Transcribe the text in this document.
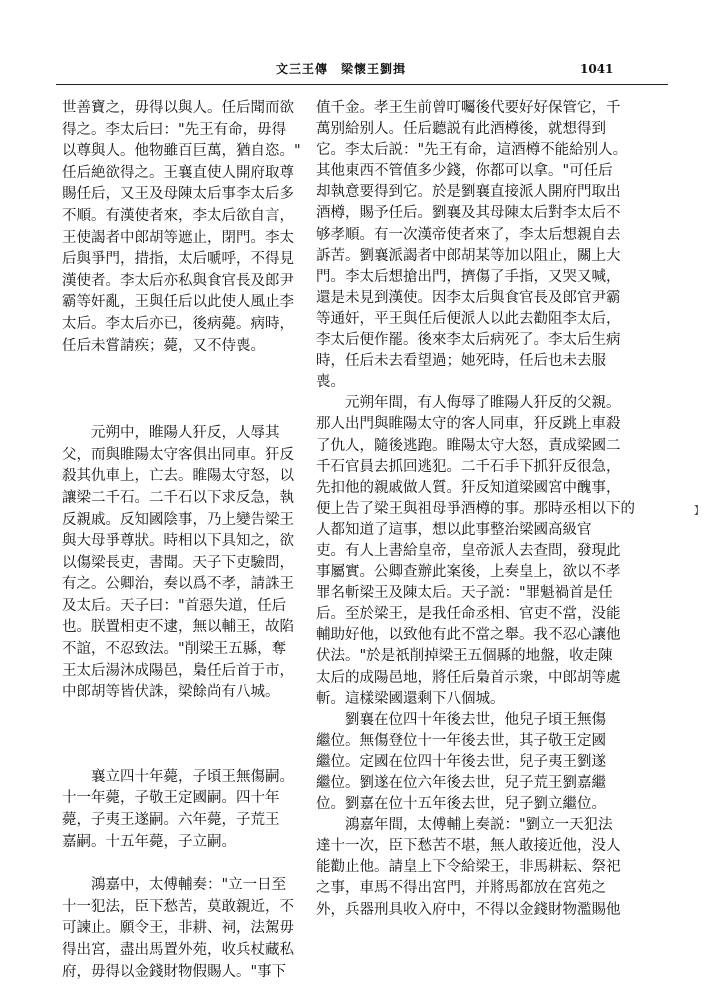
文三王傳　梁懷王劉揖	1041

世善寶之，毋得以與人。任后聞而欲

得之。李太后曰："先王有命，毋得

以尊與人。他物雖百巨萬，猶自恣。"

任后絶欲得之。王襄直使人開府取尊

賜任后，又王及母陳太后事李太后多

不順。有漢使者來，李太后欲自言，

王使謁者中郎胡等遮止，閉門。李太

后與爭門，措指，太后嗁呼，不得見

漢使者。李太后亦私與食官長及郎尹

霸等奸亂，王與任后以此使人風止李

太后。李太后亦已，後病薨。病時，

任后未嘗請疾；薨，又不侍喪。

　　元朔中，睢陽人犴反，人辱其

父，而與睢陽太守客俱出同車。犴反

殺其仇車上，亡去。睢陽太守怒，以

讓梁二千石。二千石以下求反急，執

反親戚。反知國陰事，乃上變告梁王

與大母爭尊狀。時相以下具知之，欲

以傷梁長吏，書聞。天子下吏驗問，

有之。公卿治，奏以爲不孝，請誅王

及太后。天子曰："首惡失道，任后

也。朕置相吏不逮，無以輔王，故陷

不誼，不忍致法。"削梁王五縣，奪

王太后湯沐成陽邑，梟任后首于市，

中郎胡等皆伏誅，梁餘尚有八城。

　　襄立四十年薨，子頃王無傷嗣。

十一年薨，子敬王定國嗣。四十年

薨，子夷王遂嗣。六年薨，子荒王

嘉嗣。十五年薨，子立嗣。

　　鴻嘉中，太傅輔奏："立一日至

十一犯法，臣下愁苦，莫敢親近，不

可諫止。願令王，非耕、祠，法駕毋

得出宮，盡出馬置外苑，收兵杖藏私

府，毋得以金錢財物假賜人。"事下

值千金。孝王生前曾叮囑後代要好好保管它，千

萬别給别人。任后聽説有此酒樽後，就想得到

它。李太后説："先王有命，這酒樽不能給别人。

其他東西不管值多少錢，你都可以拿。"可任后

却執意要得到它。於是劉襄直接派人開府門取出

酒樽，賜予任后。劉襄及其母陳太后對李太后不

够孝順。有一次漢帝使者來了，李太后想親自去

訴苦。劉襄派謁者中郎胡某等加以阻止，關上大

門。李太后想搶出門，擠傷了手指，又哭又喊，

還是未見到漢使。因李太后與食官長及郎官尹霸

等通奸，平王與任后便派人以此去勸阻李太后，

李太后便作罷。後來李太后病死了。李太后生病

時，任后未去看望過；她死時，任后也未去服

喪。

　　元朔年間，有人侮辱了睢陽人犴反的父親。

那人出門與睢陽太守的客人同車，犴反跳上車殺

了仇人，隨後逃跑。睢陽太守大怒，責成梁國二

千石官員去抓回逃犯。二千石手下抓犴反很急，

先扣他的親戚做人質。犴反知道梁國宮中醜事，

便上告了梁王與祖母爭酒樽的事。那時丞相以下的

人都知道了這事，想以此事整治梁國高級官

吏。有人上書給皇帝，皇帝派人去查問，發現此

事屬實。公卿查辦此案後，上奏皇上，欲以不孝

罪名斬梁王及陳太后。天子説："罪魁禍首是任

后。至於梁王，是我任命丞相、官吏不當，没能

輔助好他，以致他有此不當之舉。我不忍心讓他

伏法。"於是祇削掉梁王五個縣的地盤，收走陳

太后的成陽邑地，將任后梟首示衆，中郎胡等處

斬。這樣梁國還剩下八個城。

　　劉襄在位四十年後去世，他兒子頃王無傷

繼位。無傷登位十一年後去世，其子敬王定國

繼位。定國在位四十年後去世，兒子夷王劉遂

繼位。劉遂在位六年後去世，兒子荒王劉嘉繼

位。劉嘉在位十五年後去世，兒子劉立繼位。

　　鴻嘉年間，太傅輔上奏説："劉立一天犯法

達十一次，臣下愁苦不堪，無人敢接近他，没人

能勸止他。請皇上下令給梁王，非馬耕耘、祭祀

之事，車馬不得出宮門，并將馬都放在宮苑之

外，兵器刑具收入府中，不得以金錢財物濫賜他

】
